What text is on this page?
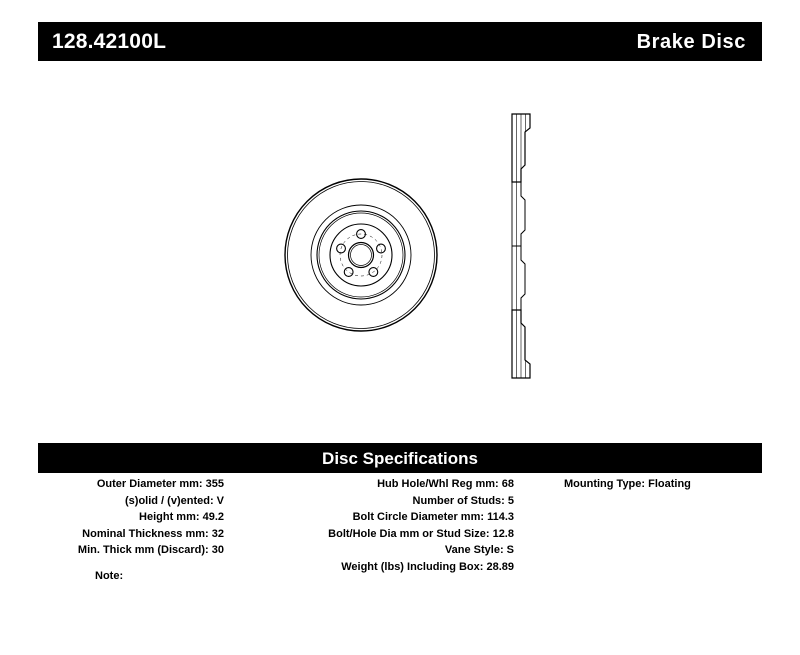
128.42100L	Brake Disc
Disc Specifications
Outer Diameter mm: 355
(s)olid / (v)ented: V
Height mm: 49.2
Nominal Thickness mm: 32
Min. Thick mm (Discard): 30
Hub Hole/Whl Reg mm: 68
Number of Studs: 5
Bolt Circle Diameter mm: 114.3
Bolt/Hole Dia mm or Stud Size: 12.8
Vane Style: S
Weight (lbs) Including Box: 28.89
Mounting Type: Floating
Note:
